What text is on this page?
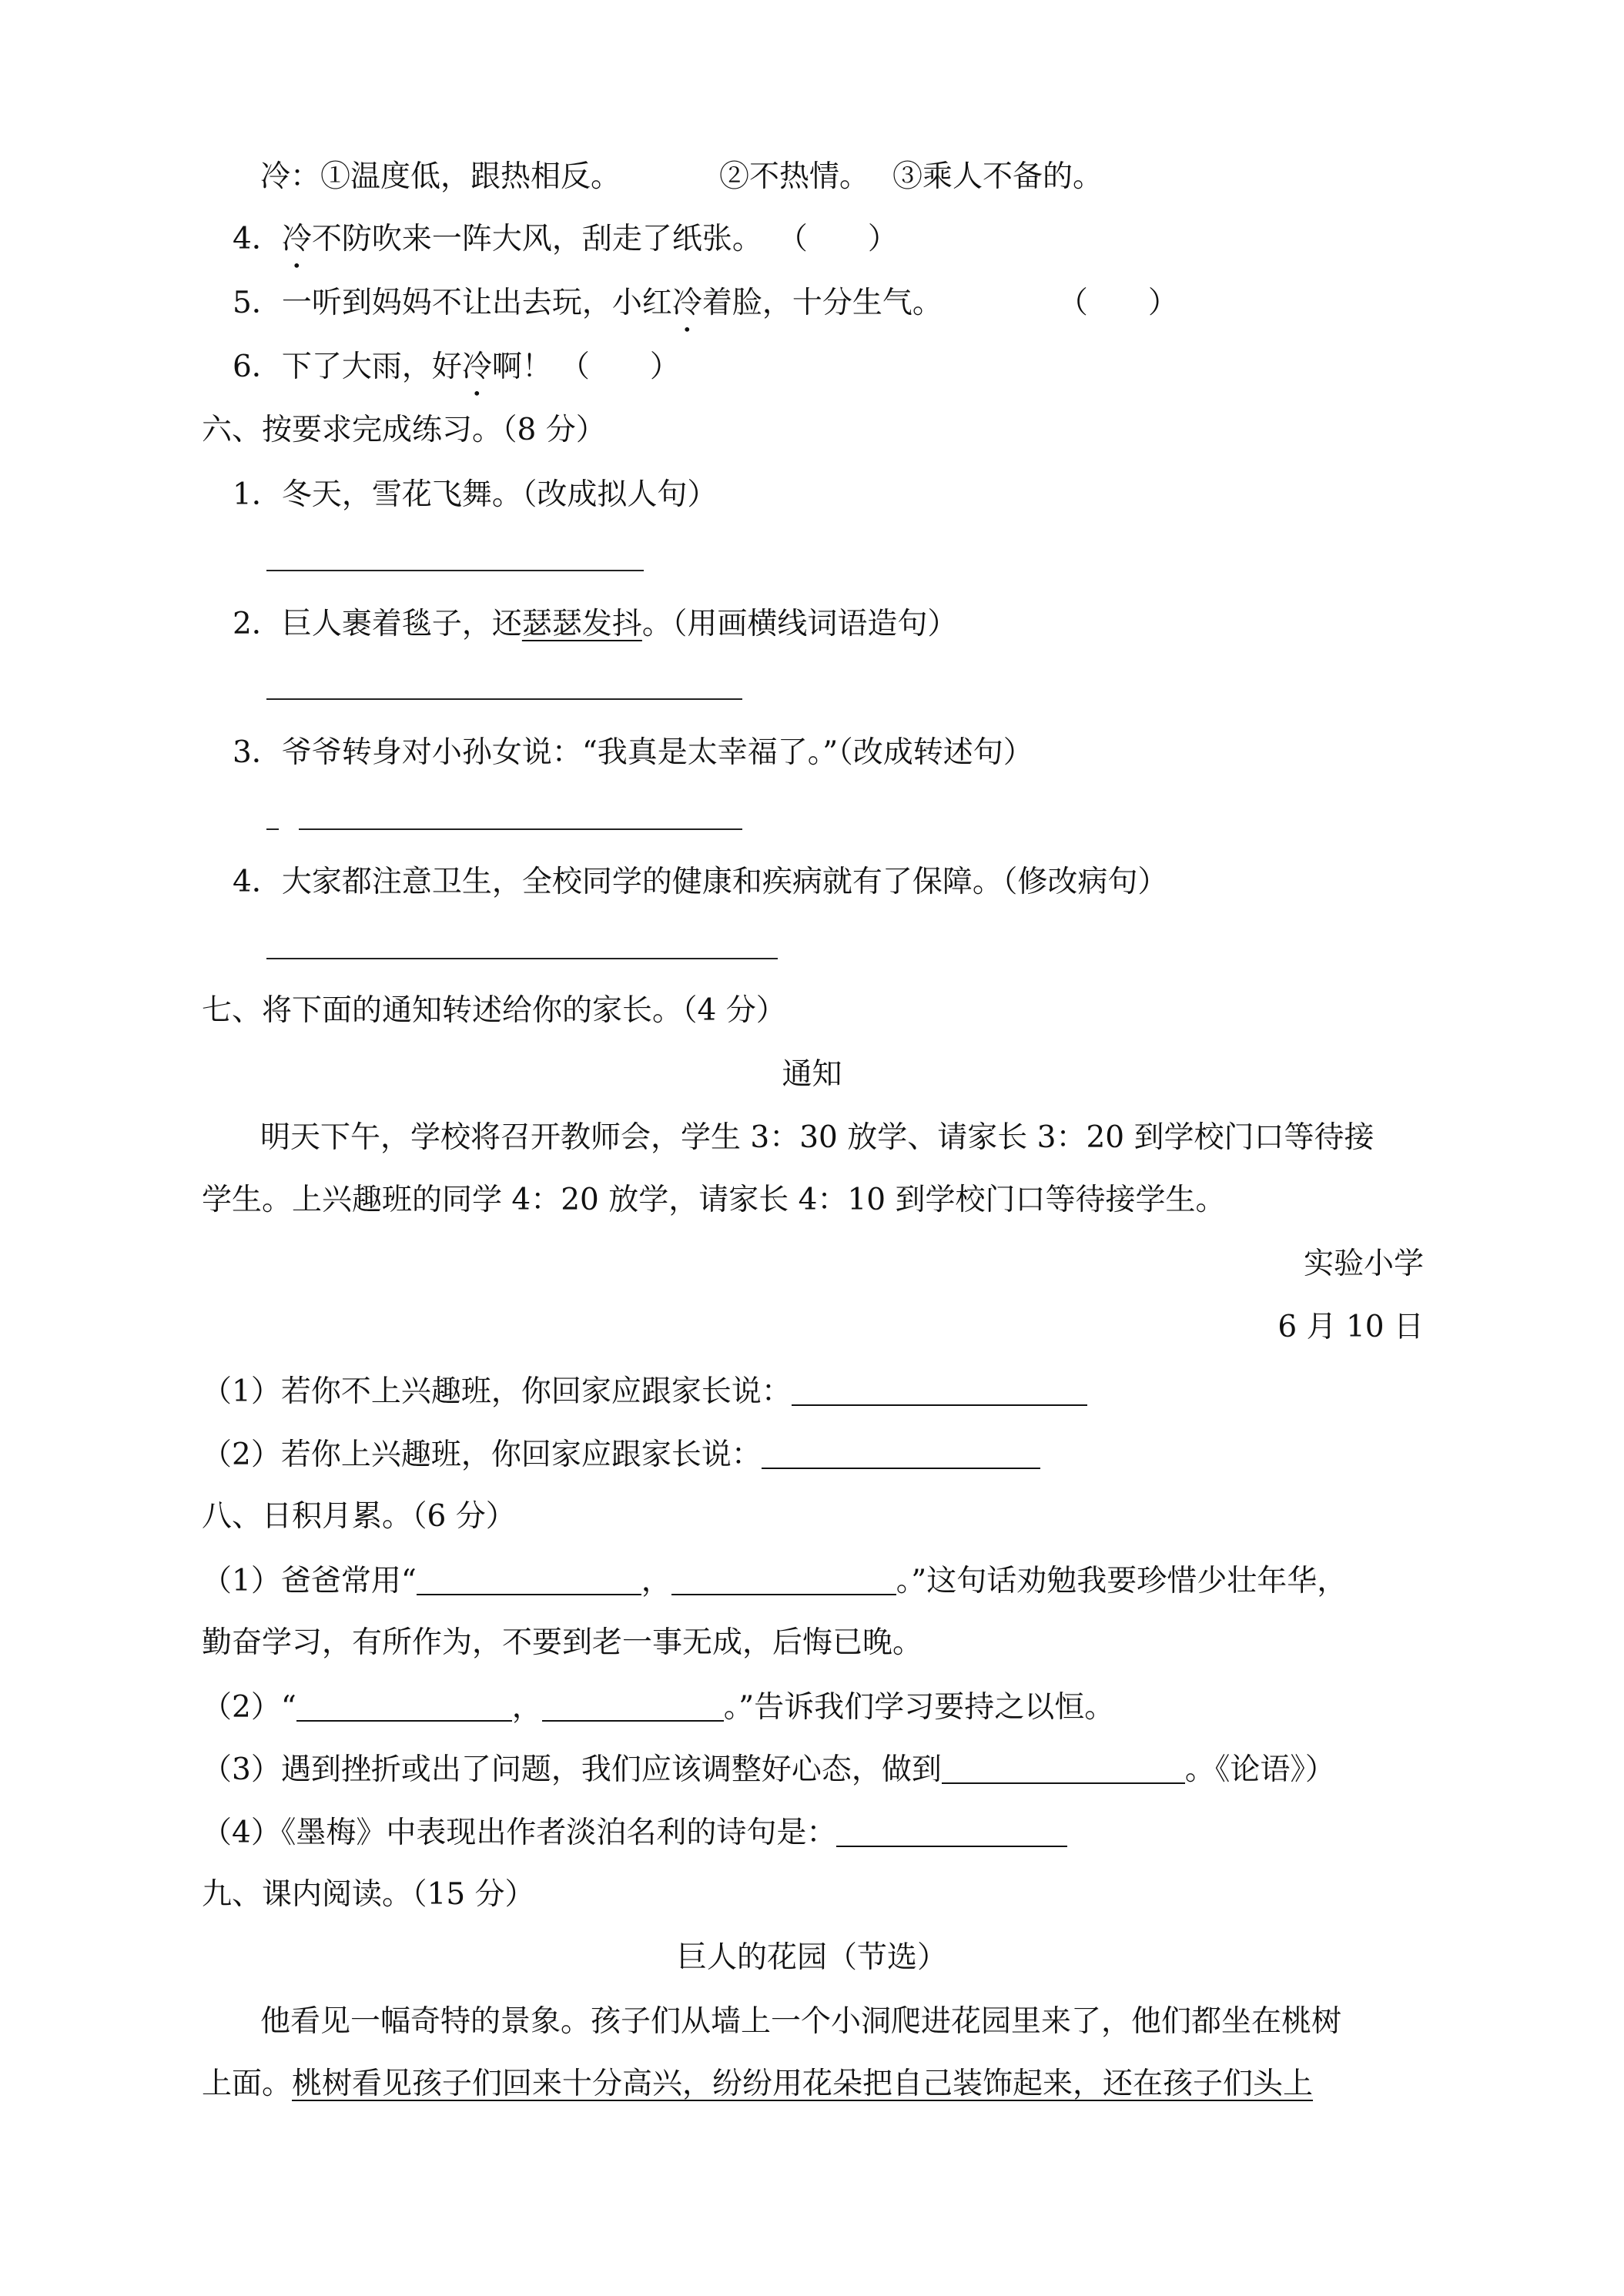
冷：①温度低，跟热相反。	②不热情。 ③乘人不备的。
4．冷不防吹来一阵大风，刮走了纸张。 （　　）
5．一听到妈妈不让出去玩，小红冷着脸，十分生气。	（　　）
6．下了大雨，好冷啊！ （　　）
六、按要求完成练习。（8 分）
1．冬天，雪花飞舞。（改成拟人句）
2．巨人裹着毯子，还瑟瑟发抖。（用画横线词语造句）
3．爷爷转身对小孙女说：“我真是太幸福了。”（改成转述句）
4．大家都注意卫生，全校同学的健康和疾病就有了保障。（修改病句）
七、将下面的通知转述给你的家长。（4 分）
通知
明天下午，学校将召开教师会，学生 3：30 放学、请家长 3：20 到学校门口等待接
学生。上兴趣班的同学 4：20 放学，请家长 4：10 到学校门口等待接学生。
实验小学
6 月 10 日
（1）若你不上兴趣班，你回家应跟家长说：
（2）若你上兴趣班，你回家应跟家长说：
八、日积月累。（6 分）
（1）爸爸常用“	，	。”这句话劝勉我要珍惜少壮年华，
勤奋学习，有所作为，不要到老一事无成，后悔已晚。
（2）“	，	。”告诉我们学习要持之以恒。
（3）遇到挫折或出了问题，我们应该调整好心态，做到	。《论语》）
（4）《墨梅》中表现出作者淡泊名利的诗句是：
九、课内阅读。（15 分）
巨人的花园（节选）
他看见一幅奇特的景象。孩子们从墙上一个小洞爬进花园里来了，他们都坐在桃树
上面。桃树看见孩子们回来十分高兴，纷纷用花朵把自己装饰起来，还在孩子们头上
